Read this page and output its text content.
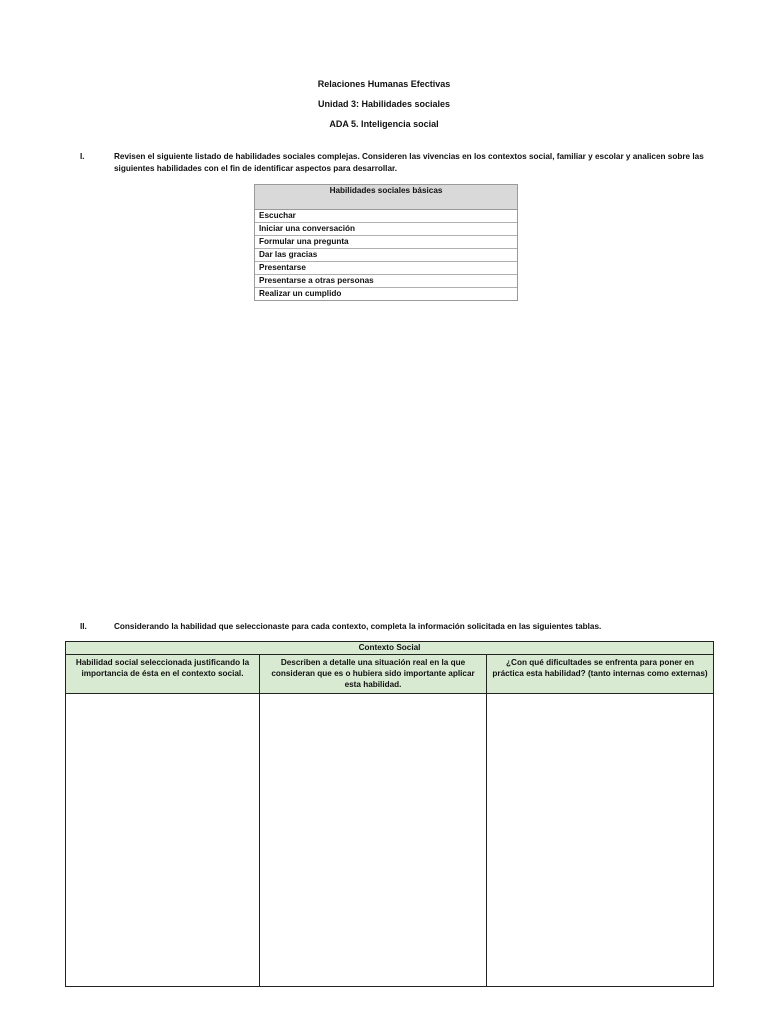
Relaciones Humanas Efectivas
Unidad 3: Habilidades sociales
ADA 5. Inteligencia social
I.	Revisen el siguiente listado de habilidades sociales complejas. Consideren las vivencias en los contextos social, familiar y escolar y analicen sobre las siguientes habilidades con el fin de identificar aspectos para desarrollar.
Habilidades sociales básicas
Escuchar
Iniciar una conversación
Formular una pregunta
Dar las gracias
Presentarse
Presentarse a otras personas
Realizar un cumplido
II.	Considerando la habilidad que seleccionaste para cada contexto, completa la información solicitada en las siguientes tablas.
Contexto Social
Habilidad social seleccionada justificando la importancia de ésta en el contexto social.
Describen a detalle una situación real en la que consideran que es o hubiera sido importante aplicar esta habilidad.
¿Con qué dificultades se enfrenta para poner en práctica esta habilidad? (tanto internas como externas)
